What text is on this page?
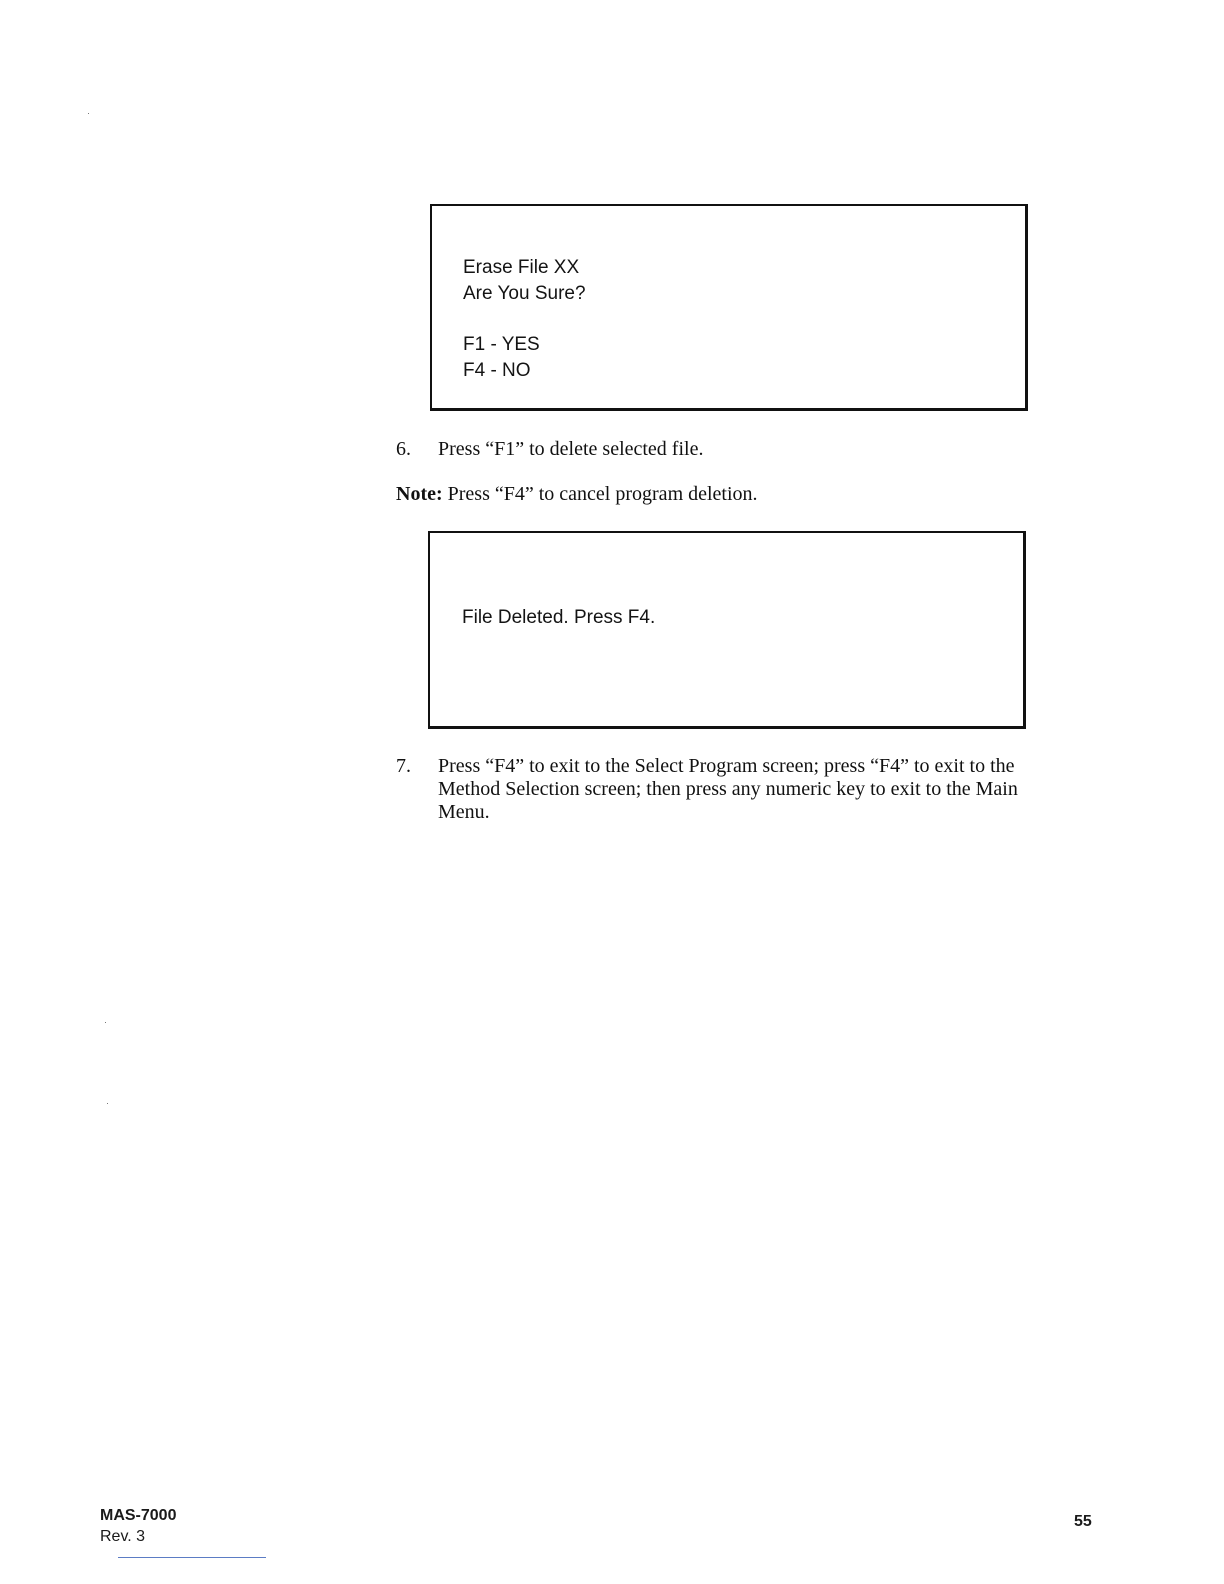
Erase File XX

Are You Sure?

F1 - YES

F4 - NO

6. Press “F1” to delete selected file.

Note: Press “F4” to cancel program deletion.

File Deleted. Press F4.

7. Press “F4” to exit to the Select Program screen; press “F4” to exit to the Method Selection screen; then press any numeric key to exit to the Main Menu.

MAS-7000

Rev. 3

55
